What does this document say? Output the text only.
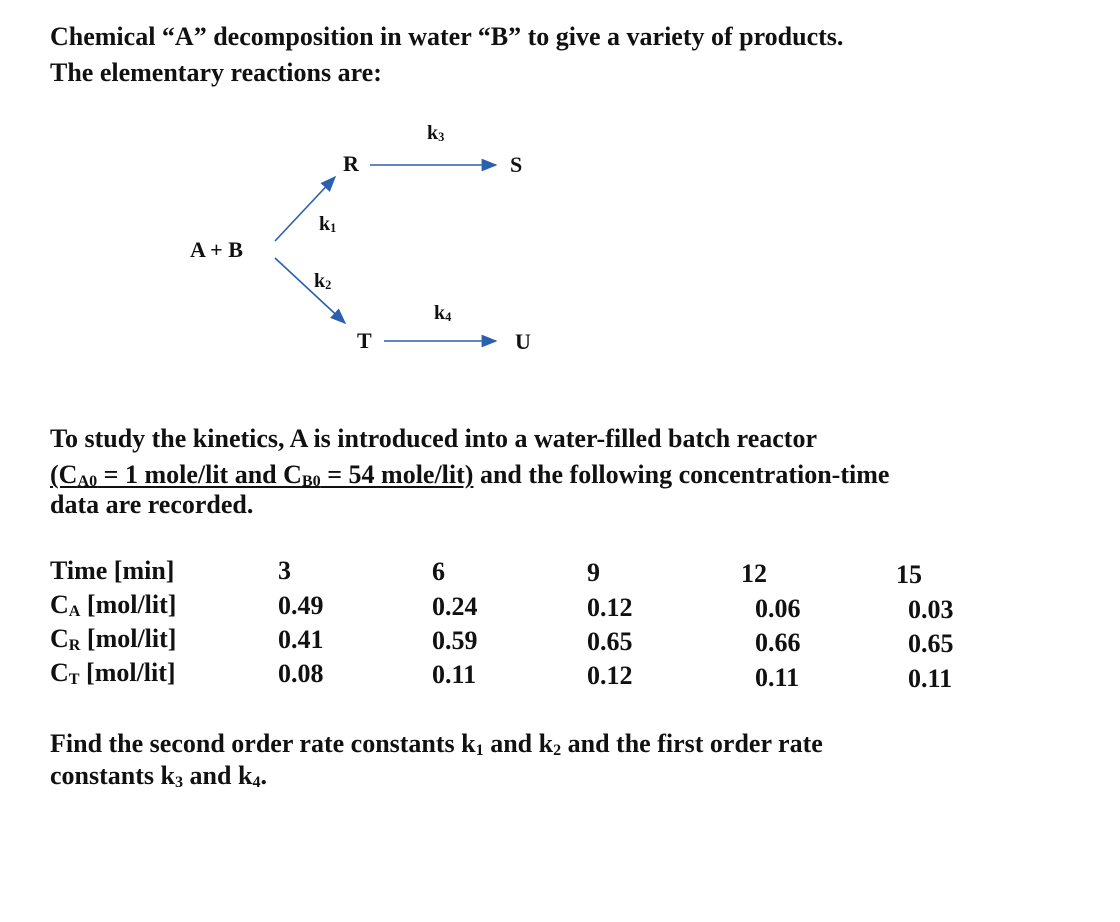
Chemical “A” decomposition in water “B” to give a variety of products.
The elementary reactions are:
A + B
R	S
T	U
k3
k1
k2
k4
To study the kinetics, A is introduced into a water-filled batch reactor
(CA0 = 1 mole/lit and CB0 = 54 mole/lit) and the following concentration-time
data are recorded.
Time [min]	3	6	9	12	15
CA [mol/lit]	0.49	0.24	0.12	0.06	0.03
CR [mol/lit]	0.41	0.59	0.65	0.66	0.65
CT [mol/lit]	0.08	0.11	0.12	0.11	0.11
Find the second order rate constants k1 and k2 and the first order rate
constants k3 and k4.
